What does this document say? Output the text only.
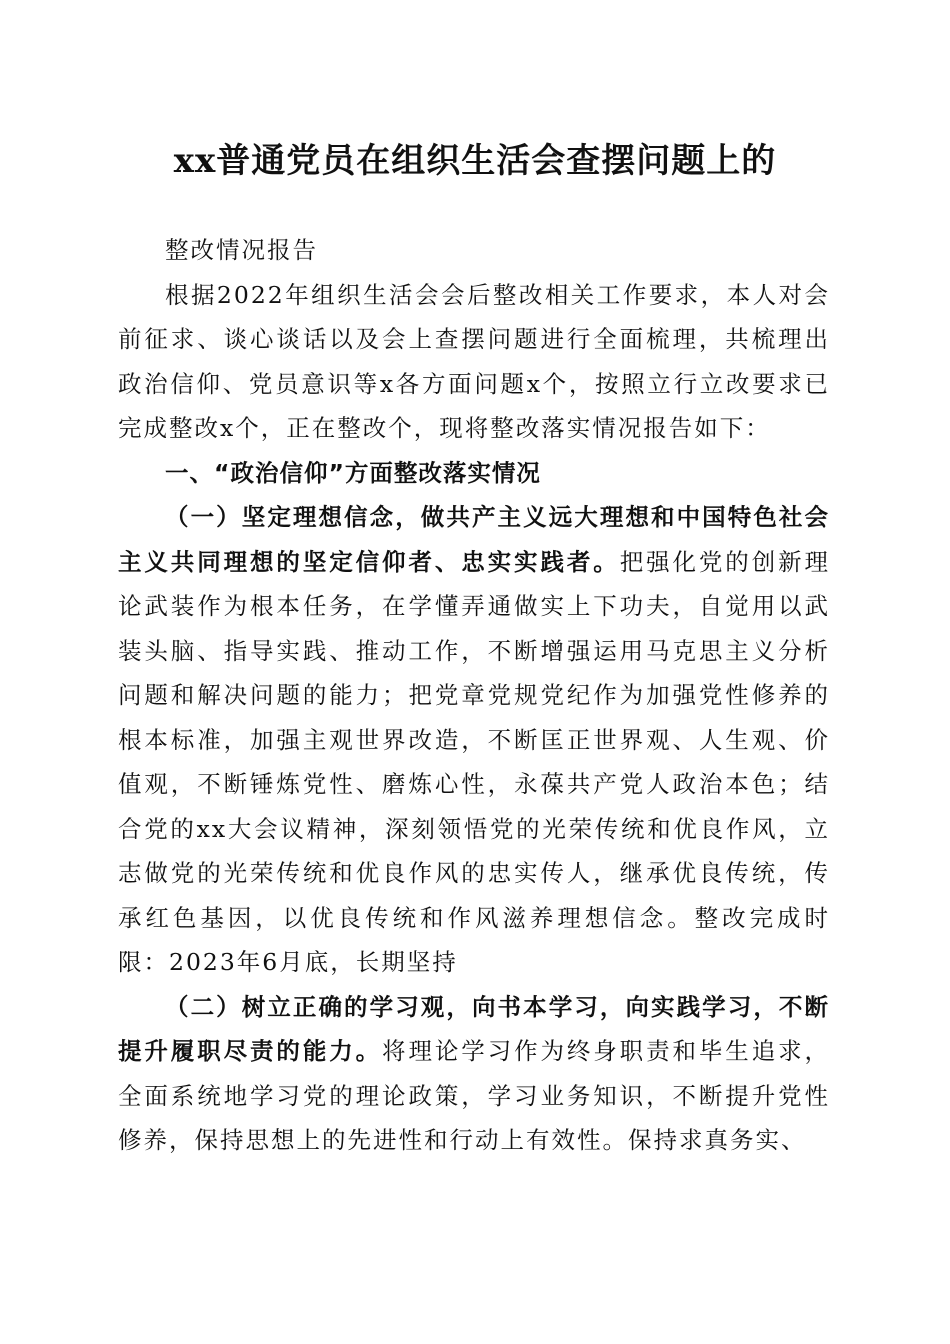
xx普通党员在组织生活会查摆问题上的

整改情况报告

根据2022年组织生活会会后整改相关工作要求，本人对会前征求、谈心谈话以及会上查摆问题进行全面梳理，共梳理出政治信仰、党员意识等x各方面问题x个，按照立行立改要求已完成整改x个，正在整改个，现将整改落实情况报告如下：

一、“政治信仰”方面整改落实情况

（一）坚定理想信念，做共产主义远大理想和中国特色社会主义共同理想的坚定信仰者、忠实实践者。把强化党的创新理论武装作为根本任务，在学懂弄通做实上下功夫，自觉用以武装头脑、指导实践、推动工作，不断增强运用马克思主义分析问题和解决问题的能力；把党章党规党纪作为加强党性修养的根本标准，加强主观世界改造，不断匡正世界观、人生观、价值观，不断锤炼党性、磨炼心性，永葆共产党人政治本色；结合党的xx大会议精神，深刻领悟党的光荣传统和优良作风，立志做党的光荣传统和优良作风的忠实传人，继承优良传统，传承红色基因，以优良传统和作风滋养理想信念。整改完成时限：2023年6月底，长期坚持

（二）树立正确的学习观，向书本学习，向实践学习，不断提升履职尽责的能力。将理论学习作为终身职责和毕生追求，全面系统地学习党的理论政策，学习业务知识，不断提升党性修养，保持思想上的先进性和行动上有效性。保持求真务实、
